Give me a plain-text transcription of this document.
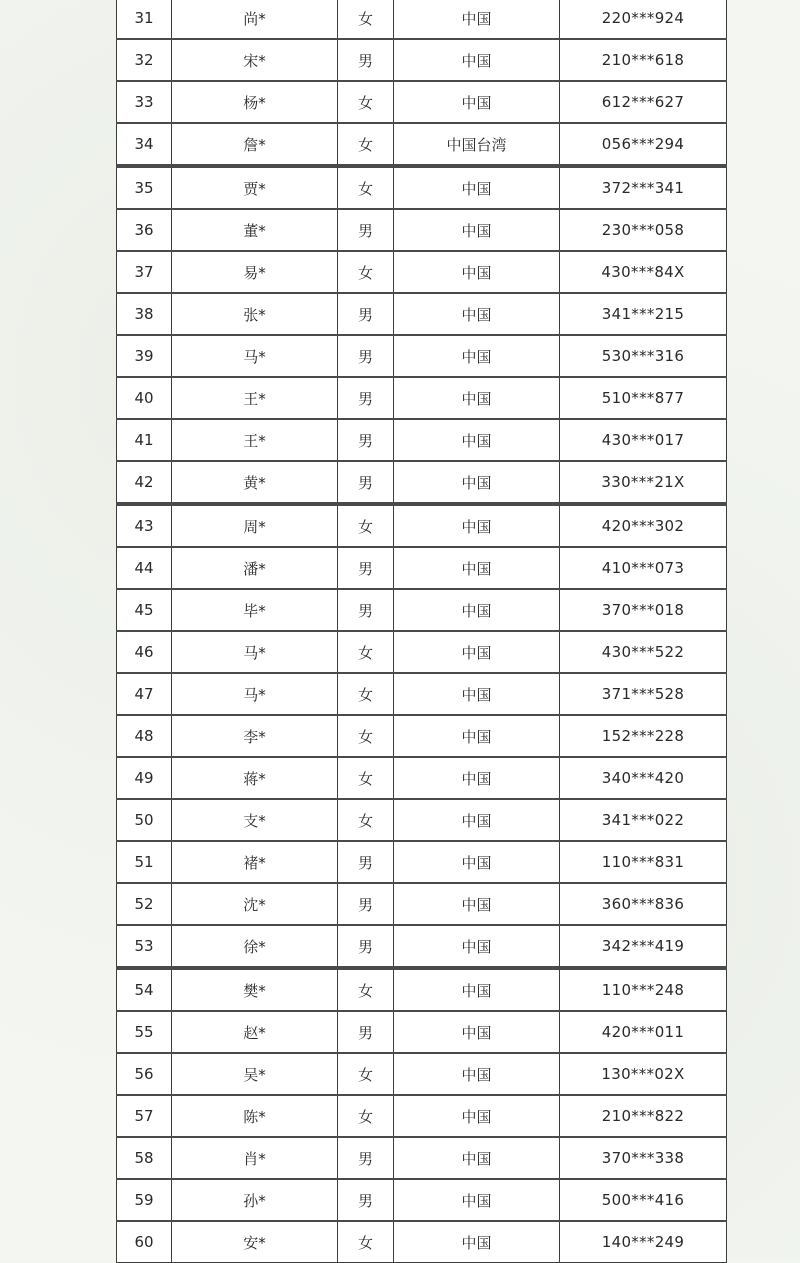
31	尚*	女	中国	220***924
32	宋*	男	中国	210***618
33	杨*	女	中国	612***627
34	詹*	女	中国台湾	056***294
35	贾*	女	中国	372***341
36	董*	男	中国	230***058
37	易*	女	中国	430***84X
38	张*	男	中国	341***215
39	马*	男	中国	530***316
40	王*	男	中国	510***877
41	王*	男	中国	430***017
42	黄*	男	中国	330***21X
43	周*	女	中国	420***302
44	潘*	男	中国	410***073
45	毕*	男	中国	370***018
46	马*	女	中国	430***522
47	马*	女	中国	371***528
48	李*	女	中国	152***228
49	蒋*	女	中国	340***420
50	支*	女	中国	341***022
51	褚*	男	中国	110***831
52	沈*	男	中国	360***836
53	徐*	男	中国	342***419
54	樊*	女	中国	110***248
55	赵*	男	中国	420***011
56	吴*	女	中国	130***02X
57	陈*	女	中国	210***822
58	肖*	男	中国	370***338
59	孙*	男	中国	500***416
60	安*	女	中国	140***249
